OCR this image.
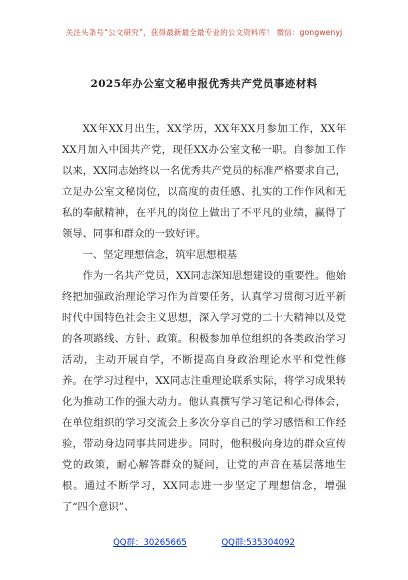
关注头条号“公文研究”，获得最新最全最专业的公文资料库！ 微信：gongwenyj
2025年办公室文秘申报优秀共产党员事迹材料

XX年XX月出生，XX学历，XX年XX月参加工作，XX年XX月加入中国共产党，现任XX办公室文秘一职。自参加工作以来，XX同志始终以一名优秀共产党员的标准严格要求自己，立足办公室文秘岗位，以高度的责任感、扎实的工作作风和无私的奉献精神，在平凡的岗位上做出了不平凡的业绩，赢得了领导、同事和群众的一致好评。

一、坚定理想信念，筑牢思想根基

作为一名共产党员，XX同志深知思想建设的重要性。他始终把加强政治理论学习作为首要任务，认真学习贯彻习近平新时代中国特色社会主义思想，深入学习党的二十大精神以及党的各项路线、方针、政策。积极参加单位组织的各类政治学习活动，主动开展自学，不断提高自身政治理论水平和党性修养。在学习过程中，XX同志注重理论联系实际，将学习成果转化为推动工作的强大动力。他认真撰写学习笔记和心得体会，在单位组织的学习交流会上多次分享自己的学习感悟和工作经验，带动身边同事共同进步。同时，他积极向身边的群众宣传党的政策，耐心解答群众的疑问，让党的声音在基层落地生根。通过不断学习，XX同志进一步坚定了理想信念，增强了“四个意识”、

QQ群：30265665	QQ群:535304092
